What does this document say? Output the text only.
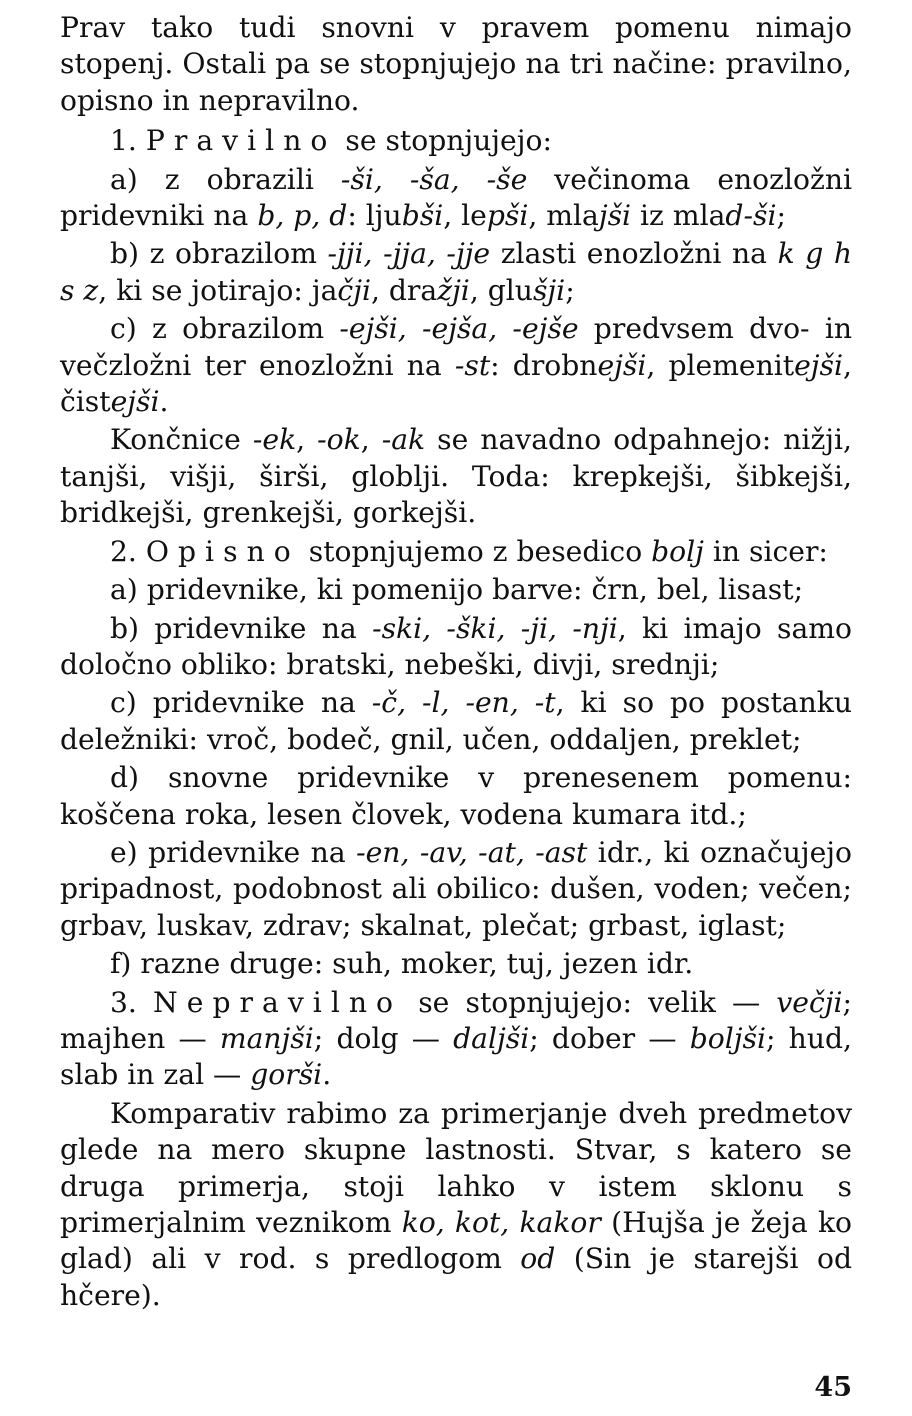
Prav tako tudi snovni v pravem pomenu nimajo stopenj. Ostali pa se stopnjujejo na tri načine: pravilno, opisno in nepravilno.

1. Pravilno se stopnjujejo:

a) z obrazili -ši, -ša, -še večinoma enozložni pridevniki na b, p, d: ljubši, lepši, mlajši iz mlad-ši;

b) z obrazilom -jji, -jja, -jje zlasti enozložni na k g h s z, ki se jotirajo: jačji, dražji, glušji;

c) z obrazilom -ejši, -ejša, -ejše predvsem dvo- in večzložni ter enozložni na -st: drobnejši, plemenitejši, čistejši.

Končnice -ek, -ok, -ak se navadno odpahnejo: nižji, tanjši, višji, širši, globlji. Toda: krepkejši, šibkejši, bridkejši, grenkejši, gorkejši.

2. Opisno stopnjujemo z besedico bolj in sicer:

a) pridevnike, ki pomenijo barve: črn, bel, lisast;

b) pridevnike na -ski, -ški, -ji, -nji, ki imajo samo določno obliko: bratski, nebeški, divji, srednji;

c) pridevnike na -č, -l, -en, -t, ki so po postanku deležniki: vroč, bodeč, gnil, učen, oddaljen, preklet;

d) snovne pridevnike v prenesenem pomenu: koščena roka, lesen človek, vodena kumara itd.;

e) pridevnike na -en, -av, -at, -ast idr., ki označujejo pripadnost, podobnost ali obilico: dušen, voden; večen; grbav, luskav, zdrav; skalnat, plečat; grbast, iglast;

f) razne druge: suh, moker, tuj, jezen idr.

3. Nepravilno se stopnjujejo: velik — večji; majhen — manjši; dolg — daljši; dober — boljši; hud, slab in zal — gorši.

Komparativ rabimo za primerjanje dveh predmetov glede na mero skupne lastnosti. Stvar, s katero se druga primerja, stoji lahko v istem sklonu s primerjalnim veznikom ko, kot, kakor (Hujša je žeja ko glad) ali v rod. s predlogom od (Sin je starejši od hčere).

45
